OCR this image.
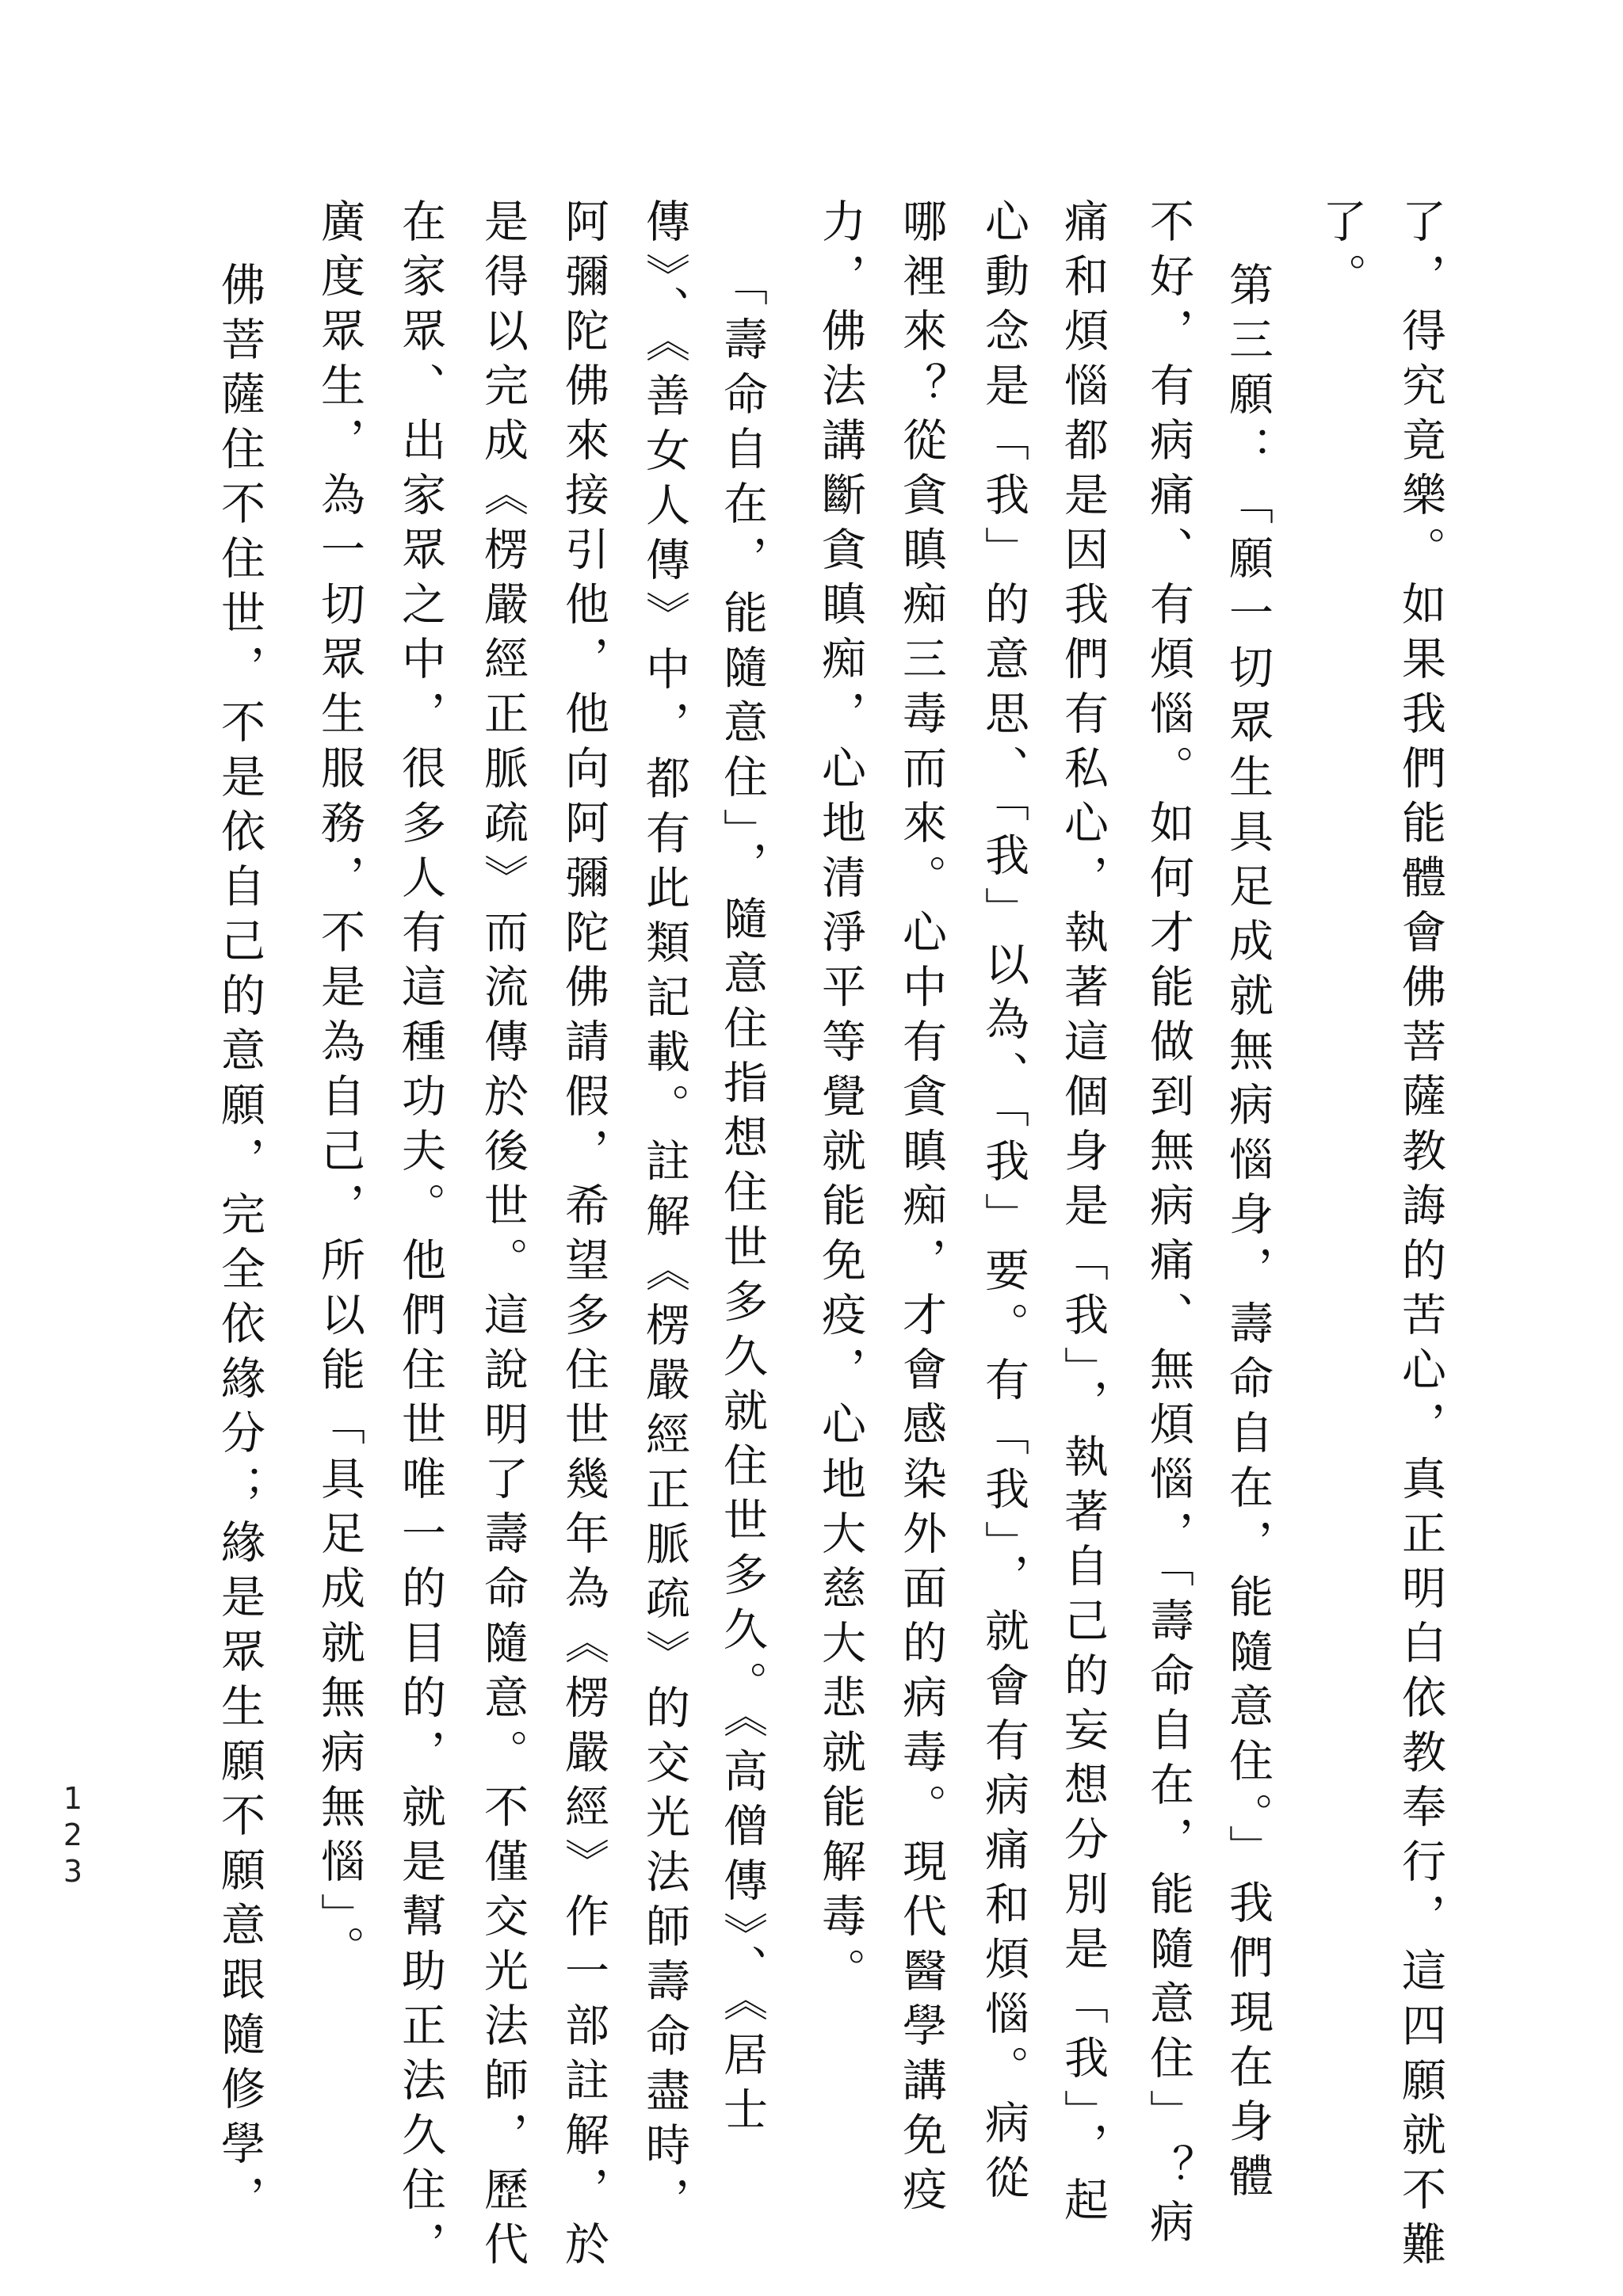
了，得究竟樂。如果我們能體會佛菩薩教誨的苦心，真正明白依教奉行，這四願就不難
了。
第三願：「願一切眾生具足成就無病惱身，壽命自在，能隨意住。」我們現在身體
不好，有病痛、有煩惱。如何才能做到無病痛、無煩惱，「壽命自在，能隨意住」？病
痛和煩惱都是因我們有私心，執著這個身是「我」，執著自己的妄想分別是「我」，起
心動念是「我」的意思、「我」以為、「我」要。有「我」，就會有病痛和煩惱。病從
哪裡來？從貪瞋痴三毒而來。心中有貪瞋痴，才會感染外面的病毒。現代醫學講免疫
力，佛法講斷貪瞋痴，心地清淨平等覺就能免疫，心地大慈大悲就能解毒。
「壽命自在，能隨意住」，隨意住指想住世多久就住世多久。《高僧傳》、《居士
傳》、《善女人傳》中，都有此類記載。註解《楞嚴經正脈疏》的交光法師壽命盡時，
阿彌陀佛來接引他，他向阿彌陀佛請假，希望多住世幾年為《楞嚴經》作一部註解，於
是得以完成《楞嚴經正脈疏》而流傳於後世。這說明了壽命隨意。不僅交光法師，歷代
在家眾、出家眾之中，很多人有這種功夫。他們住世唯一的目的，就是幫助正法久住，
廣度眾生，為一切眾生服務，不是為自己，所以能「具足成就無病無惱」。
佛菩薩住不住世，不是依自己的意願，完全依緣分；緣是眾生願不願意跟隨修學，
123
